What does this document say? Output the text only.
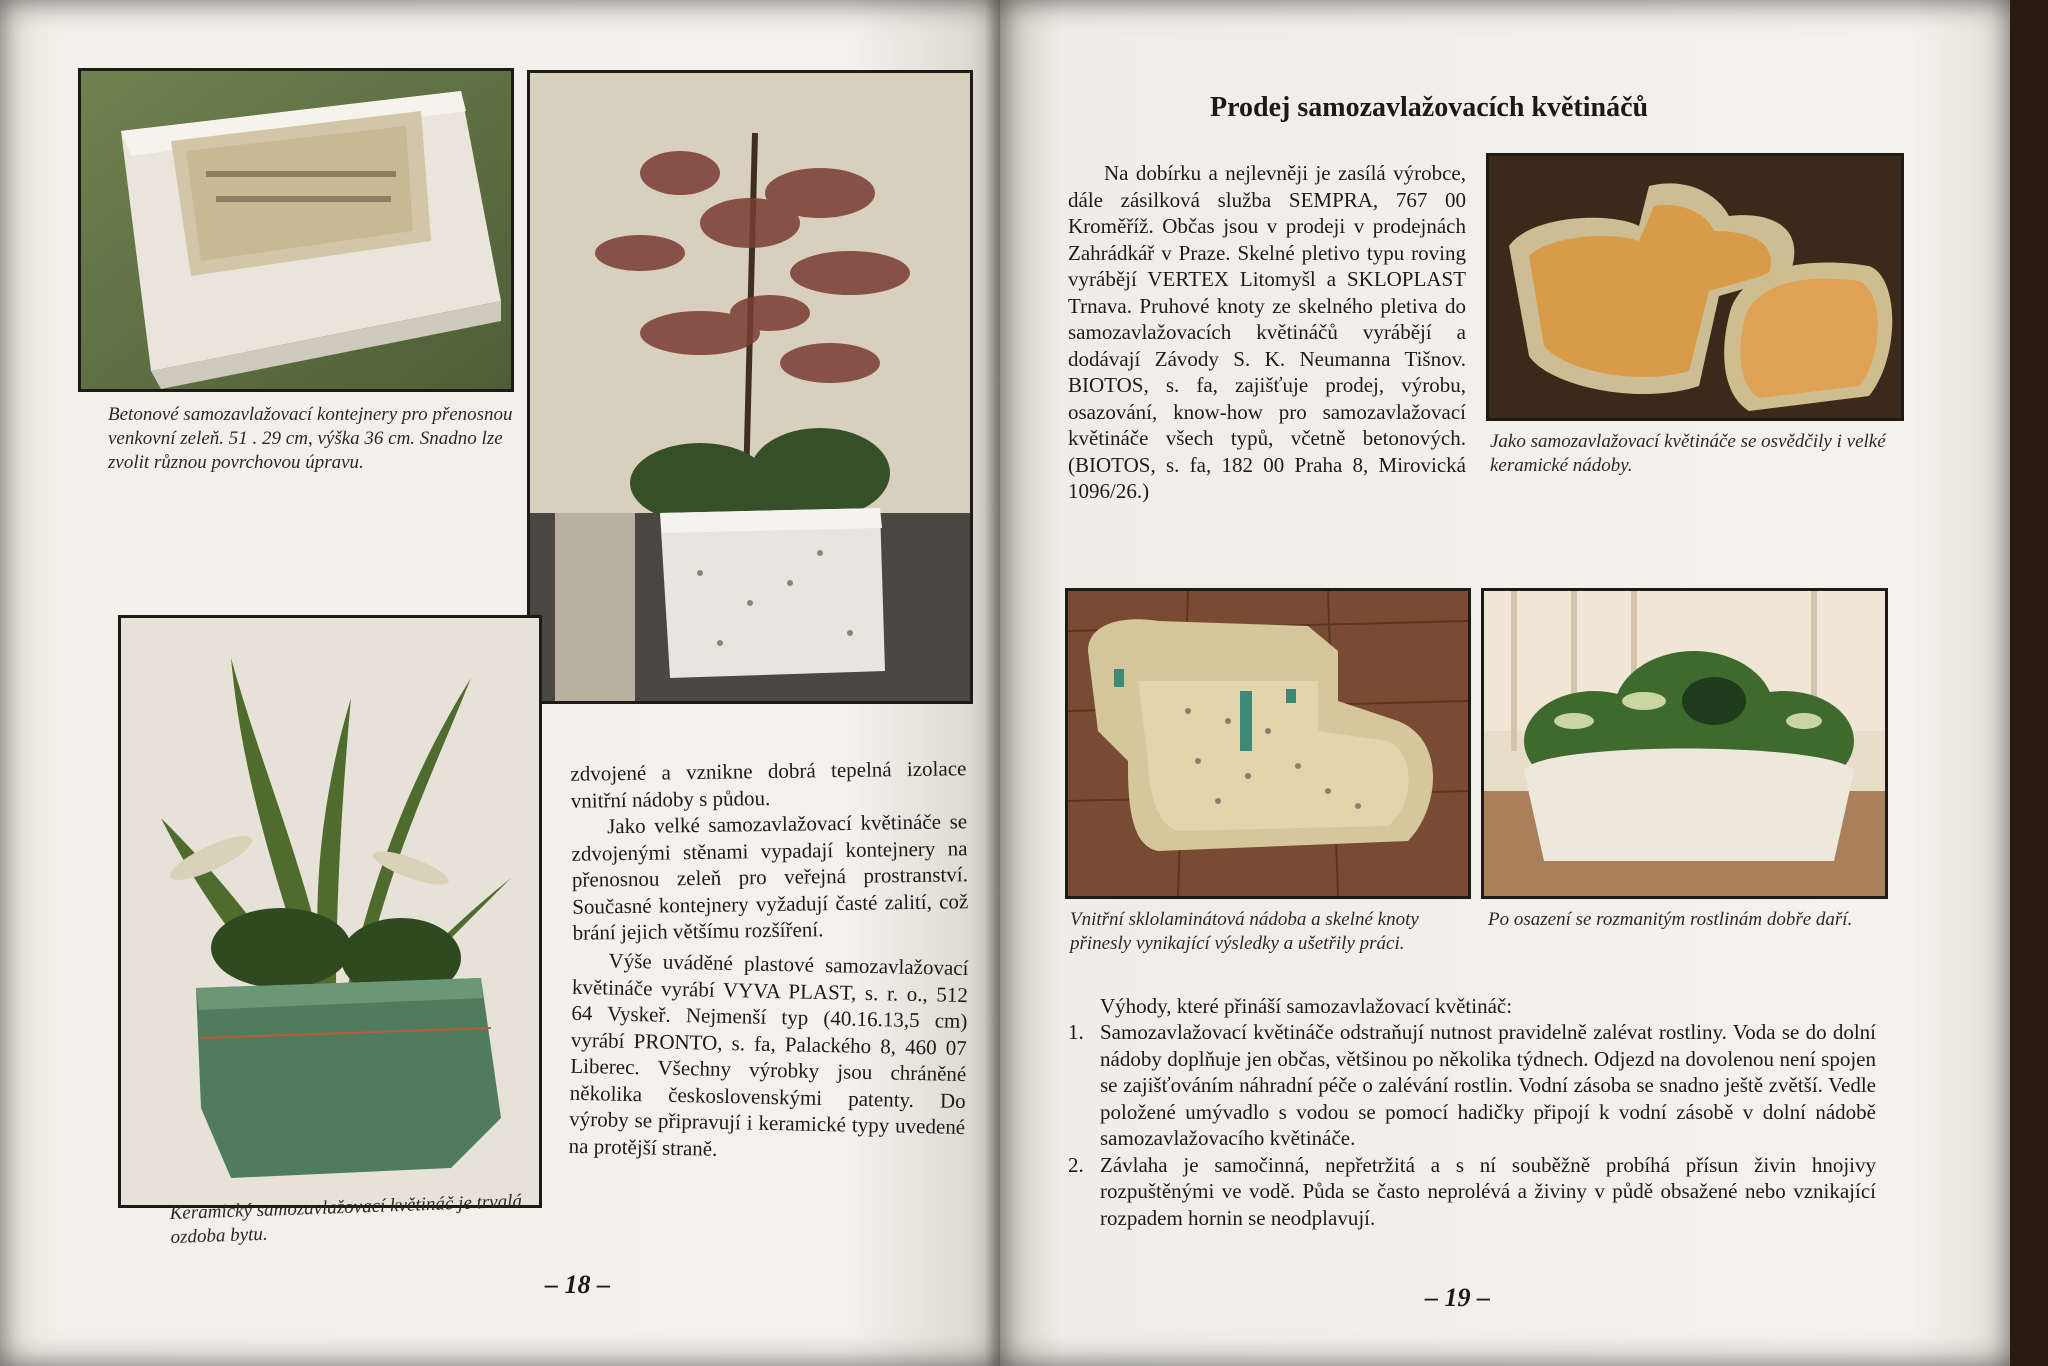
Betonové samozavlažovací kontejnery pro přenosnou venkovní zeleň. 51 . 29 cm, výška 36 cm. Snadno lze zvolit různou povrchovou úpravu.

Keramický samozavlažovací květináč je trvalá ozdoba bytu.

zdvojené a vznikne dobrá tepelná izolace vnitřní nádoby s půdou.

Jako velké samozavlažovací květináče se zdvojenými stěnami vypadají kontejnery na přenosnou zeleň pro veřejná prostranství. Současné kontejnery vyžadují časté zalití, což brání jejich většímu rozšíření.

Výše uváděné plastové samozavlažovací květináče vyrábí VYVA PLAST, s. r. o., 512 64 Vyskeř. Nejmenší typ (40.16.13,5 cm) vyrábí PRONTO, s. fa, Palackého 8, 460 07 Liberec. Všechny výrobky jsou chráněné několika československými patenty. Do výroby se připravují i keramické typy uvedené na protější straně.

– 18 –
Prodej samozavlažovacích květináčů

Na dobírku a nejlevněji je zasílá výrobce, dále zásilková služba SEMPRA, 767 00 Kroměříž. Občas jsou v prodeji v prodejnách Zahrádkář v Praze. Skelné pletivo typu roving vyrábějí VERTEX Litomyšl a SKLOPLAST Trnava. Pruhové knoty ze skelného pletiva do samozavlažovacích květináčů vyrábějí a dodávají Závody S. K. Neumanna Tišnov. BIOTOS, s. fa, zajišťuje prodej, výrobu, osazování, know-how pro samozavlažovací květináče všech typů, včetně betonových. (BIOTOS, s. fa, 182 00 Praha 8, Mirovická 1096/26.)

Jako samozavlažovací květináče se osvědčily i velké keramické nádoby.

Vnitřní sklolaminátová nádoba a skelné knoty přinesly vynikající výsledky a ušetřily práci.

Po osazení se rozmanitým rostlinám dobře daří.

Výhody, které přináší samozavlažovací květináč:

1. Samozavlažovací květináče odstraňují nutnost pravidelně zalévat rostliny. Voda se do dolní nádoby doplňuje jen občas, většinou po několika týdnech. Odjezd na dovolenou není spojen se zajišťováním náhradní péče o zalévání rostlin. Vodní zásoba se snadno ještě zvětší. Vedle položené umývadlo s vodou se pomocí hadičky připojí k vodní zásobě v dolní nádobě samozavlažovacího květináče.
2. Závlaha je samočinná, nepřetržitá a s ní souběžně probíhá přísun živin hnojivy rozpuštěnými ve vodě. Půda se často neprolévá a živiny v půdě obsažené nebo vznikající rozpadem hornin se neodplavují.
– 19 –
